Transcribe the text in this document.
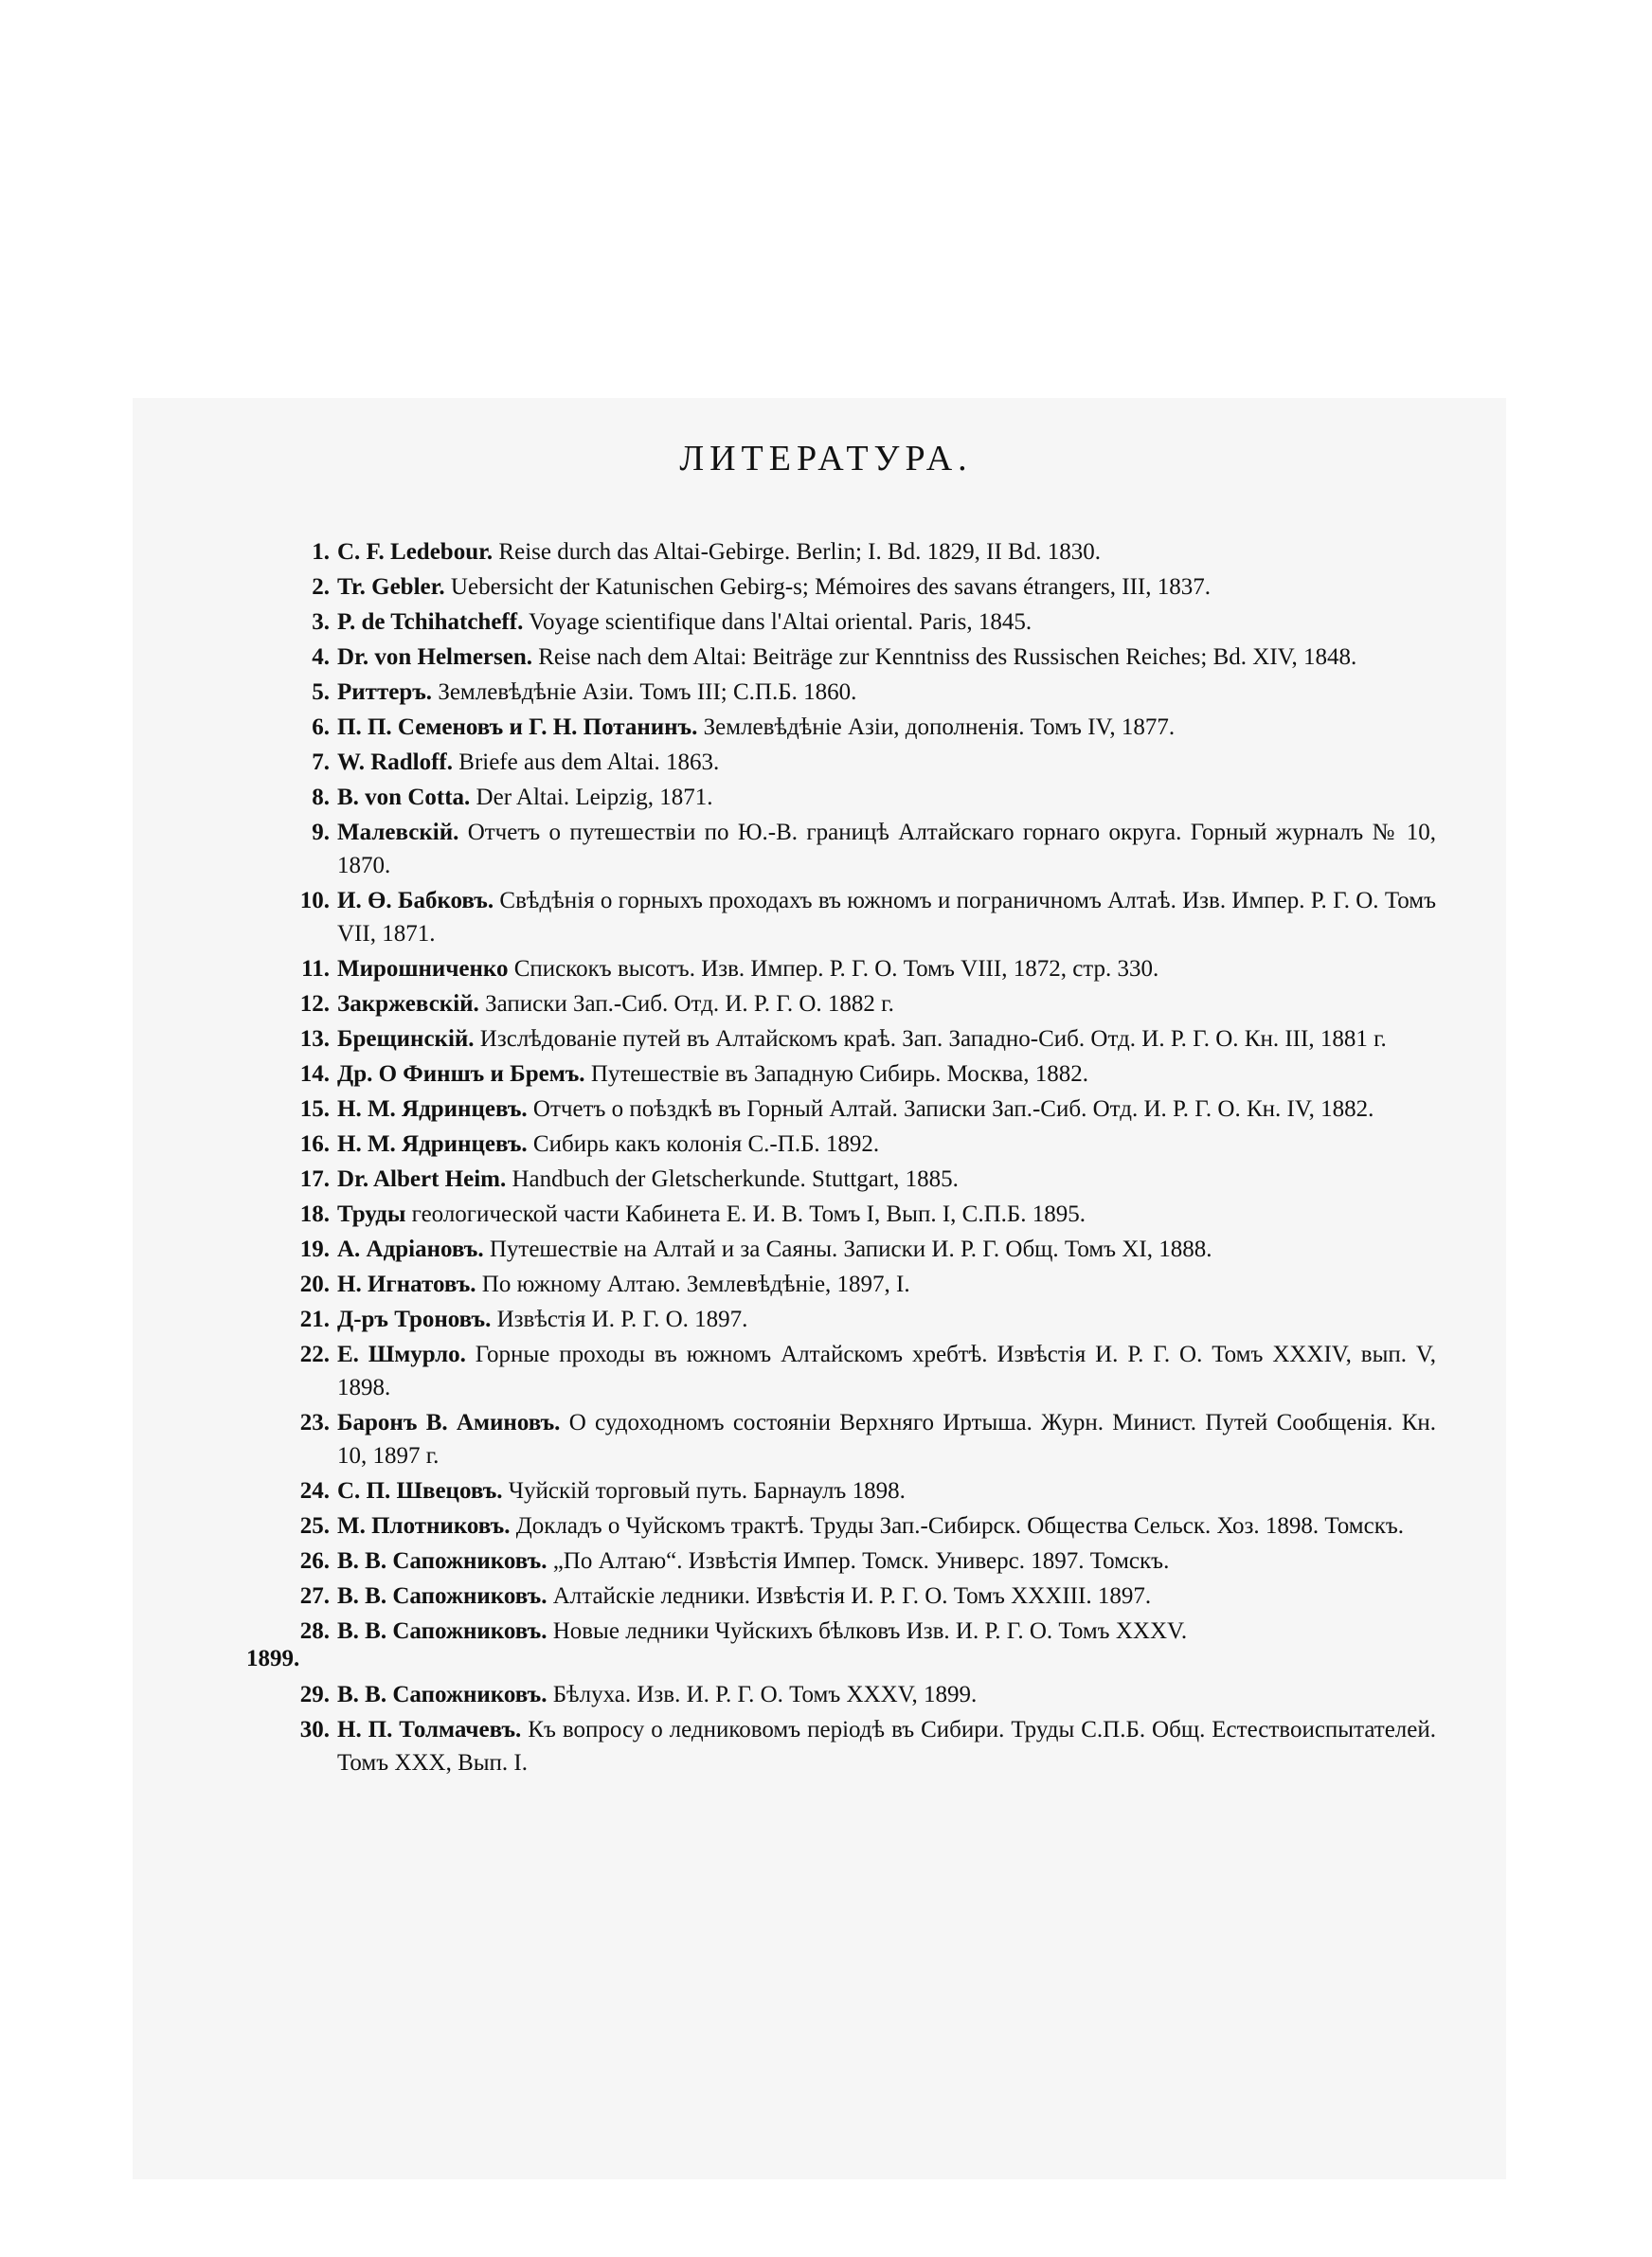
ЛИТЕРАТУРА.
1. C. F. Ledebour. Reise durch das Altai-Gebirge. Berlin; I. Bd. 1829, II Bd. 1830.
2. Tr. Gebler. Uebersicht der Katunischen Gebirg-s; Mémoires des savans étrangers, III, 1837.
3. P. de Tchihatcheff. Voyage scientifique dans l'Altai oriental. Paris, 1845.
4. Dr. von Helmersen. Reise nach dem Altai: Beiträge zur Kenntniss des Russischen Reiches; Bd. XIV, 1848.
5. Риттеръ. Землевѣдѣніе Азіи. Томъ III; С.П.Б. 1860.
6. П. П. Семеновъ и Г. Н. Потанинъ. Землевѣдѣніе Азіи, дополненія. Томъ IV, 1877.
7. W. Radloff. Briefe aus dem Altai. 1863.
8. B. von Cotta. Der Altai. Leipzig, 1871.
9. Малевскій. Отчетъ о путешествіи по Ю.-В. границѣ Алтайскаго горнаго округа. Горный журналъ № 10, 1870.
10. И. Ө. Бабковъ. Свѣдѣнія о горныхъ проходахъ въ южномъ и пограничномъ Алтаѣ. Изв. Импер. Р. Г. О. Томъ VII, 1871.
11. Мирошниченко Спискокъ высотъ. Изв. Импер. Р. Г. О. Томъ VIII, 1872, стр. 330.
12. Закржевскій. Записки Зап.-Сиб. Отд. И. Р. Г. О. 1882 г.
13. Брещинскій. Изслѣдованіе путей въ Алтайскомъ краѣ. Зап. Западно-Сиб. Отд. И. Р. Г. О. Кн. III, 1881 г.
14. Др. О Финшъ и Бремъ. Путешествіе въ Западную Сибирь. Москва, 1882.
15. Н. М. Ядринцевъ. Отчетъ о поѣздкѣ въ Горный Алтай. Записки Зап.-Сиб. Отд. И. Р. Г. О. Кн. IV, 1882.
16. Н. М. Ядринцевъ. Сибирь какъ колонія С.-П.Б. 1892.
17. Dr. Albert Heim. Handbuch der Gletscherkunde. Stuttgart, 1885.
18. Труды геологической части Кабинета Е. И. В. Томъ I, Вып. I, С.П.Б. 1895.
19. А. Адріановъ. Путешествіе на Алтай и за Саяны. Записки И. Р. Г. Общ. Томъ XI, 1888.
20. Н. Игнатовъ. По южному Алтаю. Землевѣдѣніе, 1897, I.
21. Д-ръ Троновъ. Извѣстія И. Р. Г. О. 1897.
22. Е. Шмурло. Горные проходы въ южномъ Алтайскомъ хребтѣ. Извѣстія И. Р. Г. О. Томъ XXXIV, вып. V, 1898.
23. Баронъ В. Аминовъ. О судоходномъ состояніи Верхняго Иртыша. Журн. Минист. Путей Сообщенія. Кн. 10, 1897 г.
24. С. П. Швецовъ. Чуйскій торговый путь. Барнаулъ 1898.
25. М. Плотниковъ. Докладъ о Чуйскомъ трактѣ. Труды Зап.-Сибирск. Общества Сельск. Хоз. 1898. Томскъ.
26. В. В. Сапожниковъ. „По Алтаю“. Извѣстія Импер. Томск. Универс. 1897. Томскъ.
27. В. В. Сапожниковъ. Алтайскіе ледники. Извѣстія И. Р. Г. О. Томъ XXXIII. 1897.
28. В. В. Сапожниковъ. Новые ледники Чуйскихъ бѣлковъ Изв. И. Р. Г. О. Томъ XXXV.
29. В. В. Сапожниковъ. Бѣлуха. Изв. И. Р. Г. О. Томъ XXXV, 1899.
30. Н. П. Толмачевъ. Къ вопросу о ледниковомъ періодѣ въ Сибири. Труды С.П.Б. Общ. Естествоиспытателей. Томъ XXX, Вып. I.
1899.
